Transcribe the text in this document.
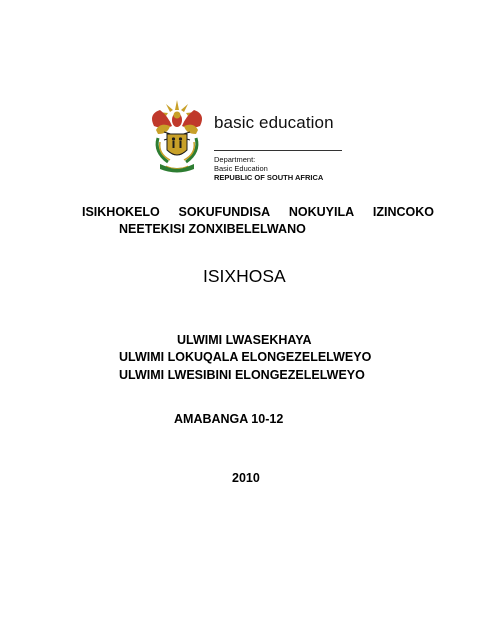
basic education
Department:
Basic Education
REPUBLIC OF SOUTH AFRICA
ISIKHOKELO SOKUFUNDISA NOKUYILA IZINCOKO
NEETEKISI ZONXIBELELWANO
ISIXHOSA
ULWIMI LWASEKHAYA
ULWIMI LOKUQALA ELONGEZELELWEYO
ULWIMI LWESIBINI ELONGEZELELWEYO
AMABANGA 10-12
2010
